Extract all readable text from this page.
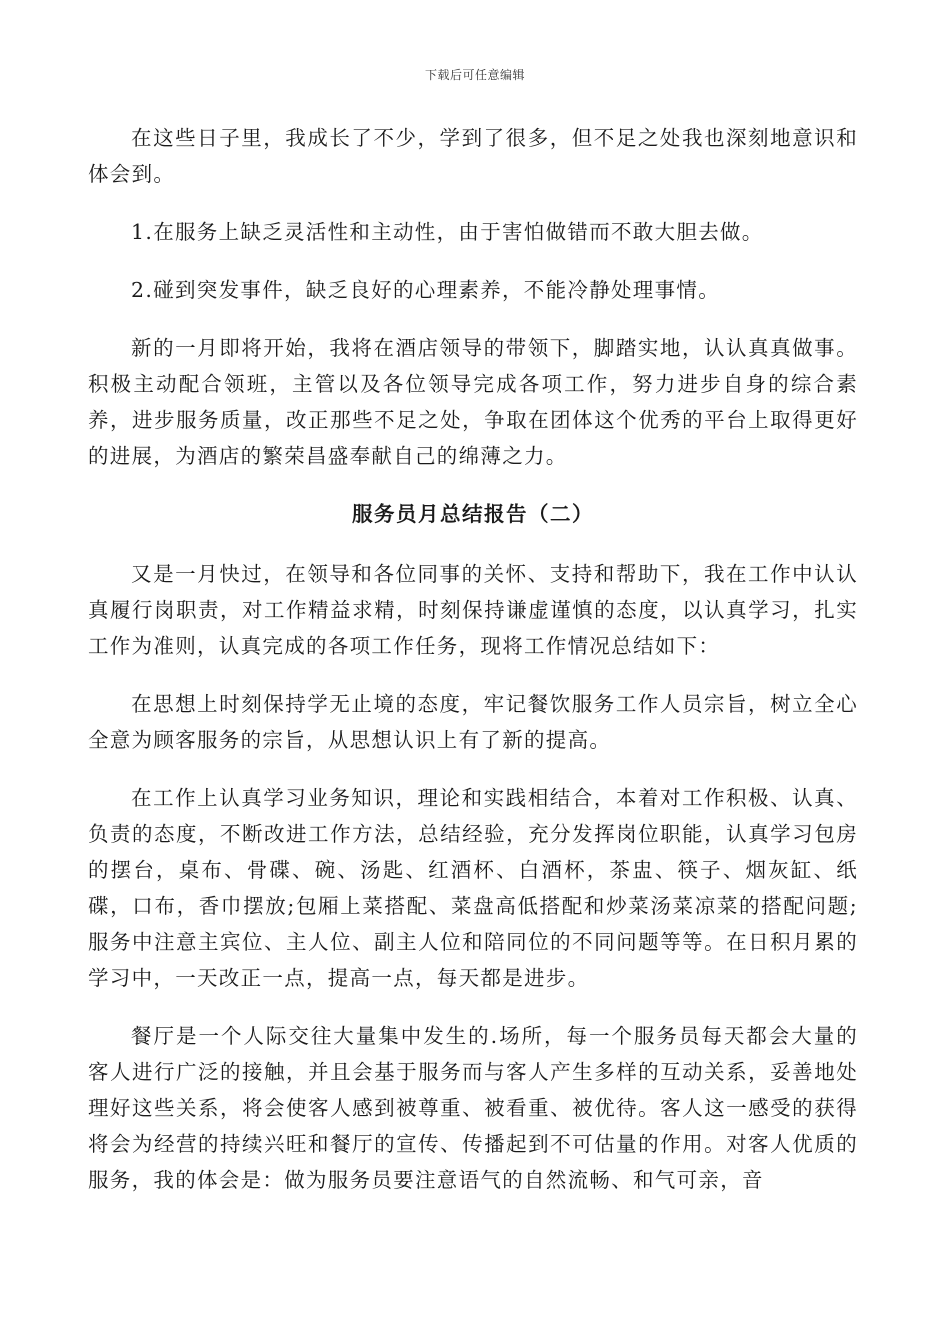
下载后可任意编辑

在这些日子里，我成长了不少，学到了很多，但不足之处我也深刻地意识和体会到。

1.在服务上缺乏灵活性和主动性，由于害怕做错而不敢大胆去做。

2.碰到突发事件，缺乏良好的心理素养，不能冷静处理事情。

新的一月即将开始，我将在酒店领导的带领下，脚踏实地，认认真真做事。积极主动配合领班，主管以及各位领导完成各项工作，努力进步自身的综合素养，进步服务质量，改正那些不足之处，争取在团体这个优秀的平台上取得更好的进展，为酒店的繁荣昌盛奉献自己的绵薄之力。

服务员月总结报告（二）

又是一月快过，在领导和各位同事的关怀、支持和帮助下，我在工作中认认真履行岗职责，对工作精益求精，时刻保持谦虚谨慎的态度，以认真学习，扎实工作为准则，认真完成的各项工作任务，现将工作情况总结如下：

在思想上时刻保持学无止境的态度，牢记餐饮服务工作人员宗旨，树立全心全意为顾客服务的宗旨，从思想认识上有了新的提高。

在工作上认真学习业务知识，理论和实践相结合，本着对工作积极、认真、负责的态度，不断改进工作方法，总结经验，充分发挥岗位职能，认真学习包房的摆台，桌布、骨碟、碗、汤匙、红酒杯、白酒杯，茶盅、筷子、烟灰缸、纸碟，口布，香巾摆放;包厢上菜搭配、菜盘高低搭配和炒菜汤菜凉菜的搭配问题;服务中注意主宾位、主人位、副主人位和陪同位的不同问题等等。在日积月累的学习中，一天改正一点，提高一点，每天都是进步。

餐厅是一个人际交往大量集中发生的.场所，每一个服务员每天都会大量的客人进行广泛的接触，并且会基于服务而与客人产生多样的互动关系，妥善地处理好这些关系，将会使客人感到被尊重、被看重、被优待。客人这一感受的获得将会为经营的持续兴旺和餐厅的宣传、传播起到不可估量的作用。对客人优质的服务，我的体会是：做为服务员要注意语气的自然流畅、和气可亲，音
